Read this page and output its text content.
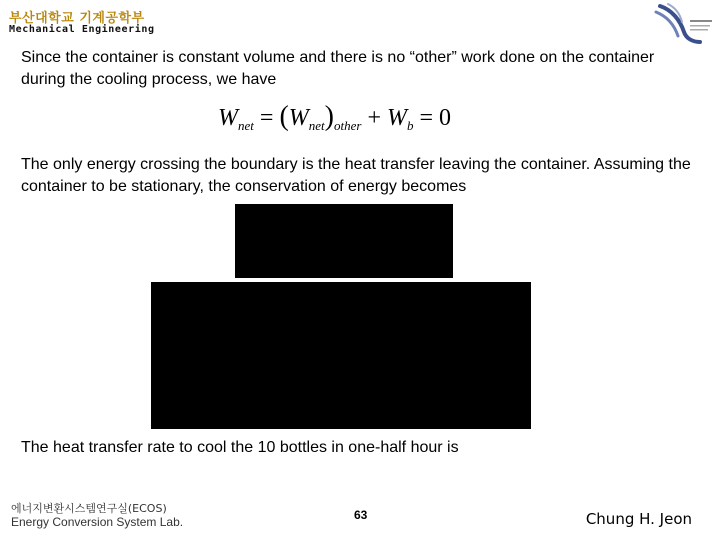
부산대학교 기계공학부
Mechanical Engineering

Since the container is constant volume and there is no “other” work done on the container during the cooling process, we have

$W_{net} = (W_{net})_{other} + W_b = 0$

The only energy crossing the boundary is the heat transfer leaving the container. Assuming the container to be stationary, the conservation of energy becomes

The heat transfer rate to cool the 10 bottles in one-half hour is

에너지변환시스템연구실(ECOS)
Energy Conversion System Lab.	63	Chung H. Jeon
